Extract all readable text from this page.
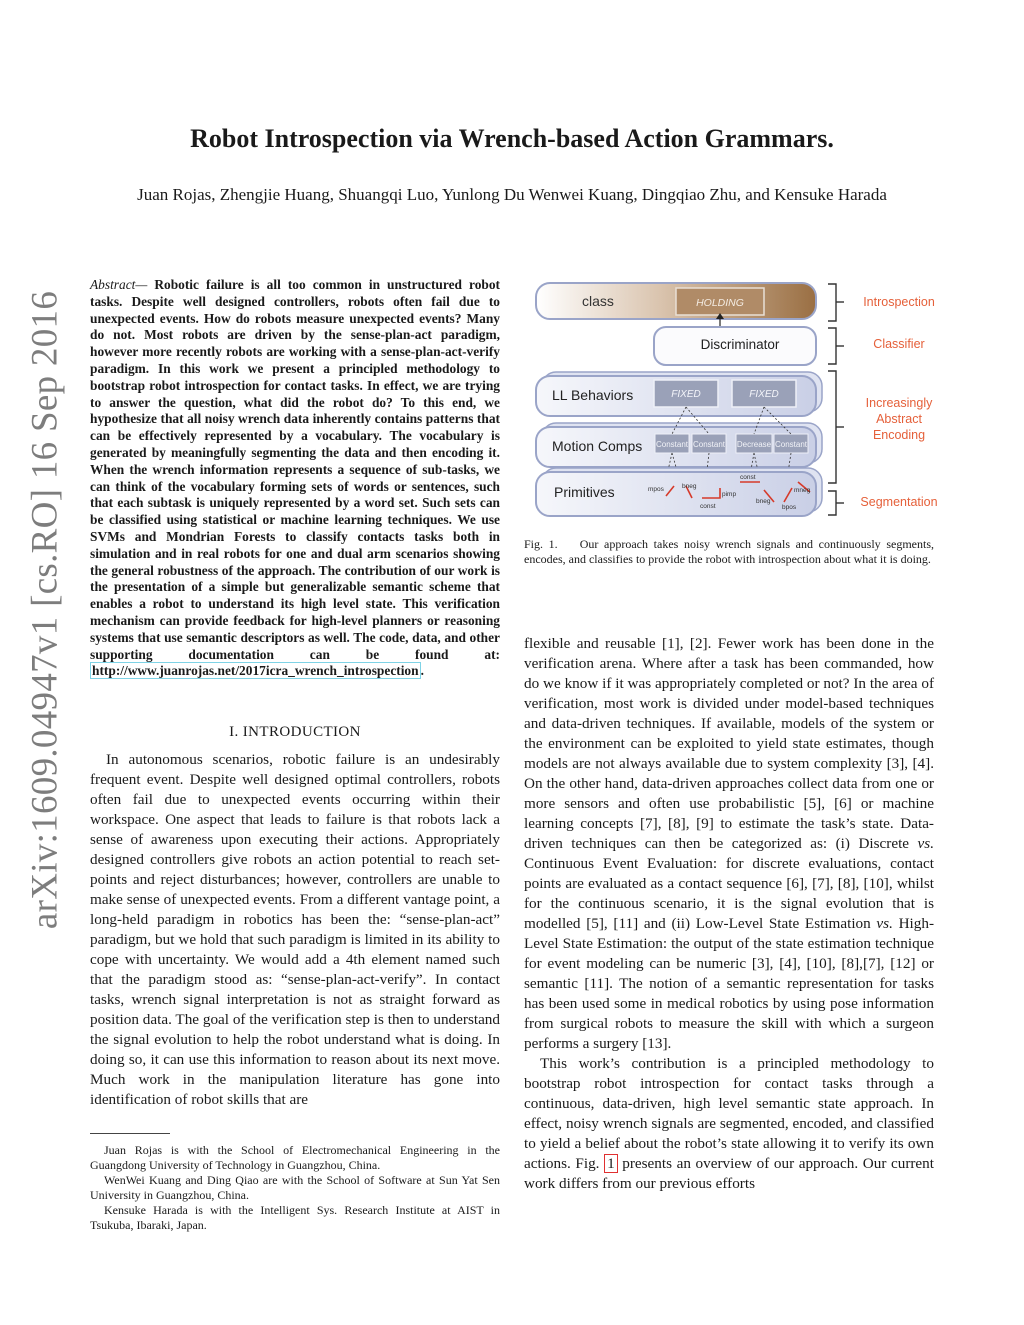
arXiv:1609.04947v1 [cs.RO] 16 Sep 2016
Robot Introspection via Wrench-based Action Grammars.
Juan Rojas, Zhengjie Huang, Shuangqi Luo, Yunlong Du Wenwei Kuang, Dingqiao Zhu, and Kensuke Harada
Abstract— Robotic failure is all too common in unstructured robot tasks. Despite well designed controllers, robots often fail due to unexpected events. How do robots measure unexpected events? Many do not. Most robots are driven by the sense-plan-act paradigm, however more recently robots are working with a sense-plan-act-verify paradigm. In this work we present a principled methodology to bootstrap robot introspection for contact tasks. In effect, we are trying to answer the question, what did the robot do? To this end, we hypothesize that all noisy wrench data inherently contains patterns that can be effectively represented by a vocabulary. The vocabulary is generated by meaningfully segmenting the data and then encoding it. When the wrench information represents a sequence of sub-tasks, we can think of the vocabulary forming sets of words or sentences, such that each subtask is uniquely represented by a word set. Such sets can be classified using statistical or machine learning techniques. We use SVMs and Mondrian Forests to classify contacts tasks both in simulation and in real robots for one and dual arm scenarios showing the general robustness of the approach. The contribution of our work is the presentation of a simple but generalizable semantic scheme that enables a robot to understand its high level state. This verification mechanism can provide feedback for high-level planners or reasoning systems that use semantic descriptors as well. The code, data, and other supporting documentation can be found at: http://www.juanrojas.net/2017icra_wrench_introspection .
I. INTRODUCTION

In autonomous scenarios, robotic failure is an undesirably frequent event. Despite well designed optimal controllers, robots often fail due to unexpected events occurring within their workspace. One aspect that leads to failure is that robots lack a sense of awareness upon executing their actions. Appropriately designed controllers give robots an action potential to reach set-points and reject disturbances; however, controllers are unable to make sense of unexpected events. From a different vantage point, a long-held paradigm in robotics has been the: “sense-plan-act” paradigm, but we hold that such paradigm is limited in its ability to cope with uncertainty. We would add a 4th element named such that the paradigm stood as: “sense-plan-act-verify”. In contact tasks, wrench signal interpretation is not as straight forward as position data. The goal of the verification step is then to understand the signal evolution to help the robot understand what is doing. In doing so, it can use this information to reason about its next move. Much work in the manipulation literature has gone into identification of robot skills that are

Juan Rojas is with the School of Electromechanical Engineering in the Guangdong University of Technology in Guangzhou, China.

WenWei Kuang and Ding Qiao are with the School of Software at Sun Yat Sen University in Guangzhou, China.

Kensuke Harada is with the Intelligent Sys. Research Institute at AIST in Tsukuba, Ibaraki, Japan.

class	HOLDING
Discriminator
LL Behaviors	FIXED	FIXED
Motion Comps Constant Constant Decrease Constant
Primitives	mpos	bneg
const
pimp
const
bneg
bpos
mneg
Introspection
Classifier
Increasingly
Abstract
Encoding
Segmentation
Fig. 1. Our approach takes noisy wrench signals and continuously segments, encodes, and classifies to provide the robot with introspection about what it is doing.

flexible and reusable [1], [2]. Fewer work has been done in the verification arena. Where after a task has been commanded, how do we know if it was appropriately completed or not? In the area of verification, most work is divided under model-based techniques and data-driven techniques. If available, models of the system or the environment can be exploited to yield state estimates, though models are not always available due to system complexity [3], [4]. On the other hand, data-driven approaches collect data from one or more sensors and often use probabilistic [5], [6] or machine learning concepts [7], [8], [9] to estimate the task’s state. Data-driven techniques can then be categorized as: (i) Discrete vs. Continuous Event Evaluation: for discrete evaluations, contact points are evaluated as a contact sequence [6], [7], [8], [10], whilst for the continuous scenario, it is the signal evolution that is modelled [5], [11] and (ii) Low-Level State Estimation vs. High-Level State Estimation: the output of the state estimation technique for event modeling can be numeric [3], [4], [10], [8],[7], [12] or semantic [11]. The notion of a semantic representation for tasks has been used some in medical robotics by using pose information from surgical robots to measure the skill with which a surgeon performs a surgery [13].

This work’s contribution is a principled methodology to bootstrap robot introspection for contact tasks through a continuous, data-driven, high level semantic state approach. In effect, noisy wrench signals are segmented, encoded, and classified to yield a belief about the robot’s state allowing it to verify its own actions. Fig. 1 presents an overview of our approach. Our current work differs from our previous efforts
